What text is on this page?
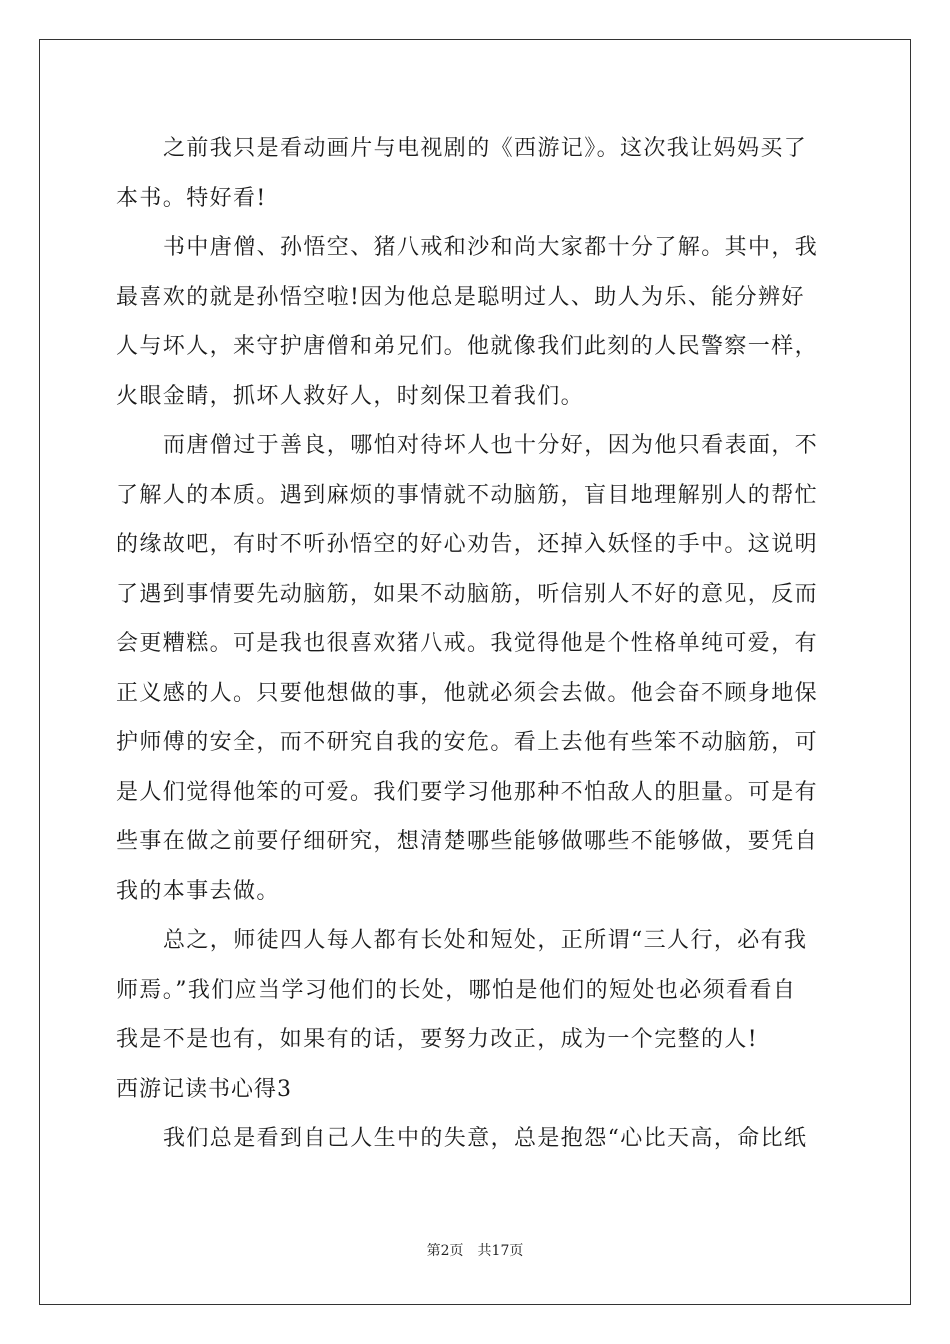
之前我只是看动画片与电视剧的《西游记》。这次我让妈妈买了
本书。特好看!
书中唐僧、孙悟空、猪八戒和沙和尚大家都十分了解。其中，我
最喜欢的就是孙悟空啦!因为他总是聪明过人、助人为乐、能分辨好
人与坏人，来守护唐僧和弟兄们。他就像我们此刻的人民警察一样，
火眼金睛，抓坏人救好人，时刻保卫着我们。
而唐僧过于善良，哪怕对待坏人也十分好，因为他只看表面，不
了解人的本质。遇到麻烦的事情就不动脑筋，盲目地理解别人的帮忙
的缘故吧，有时不听孙悟空的好心劝告，还掉入妖怪的手中。这说明
了遇到事情要先动脑筋，如果不动脑筋，听信别人不好的意见，反而
会更糟糕。可是我也很喜欢猪八戒。我觉得他是个性格单纯可爱，有
正义感的人。只要他想做的事，他就必须会去做。他会奋不顾身地保
护师傅的安全，而不研究自我的安危。看上去他有些笨不动脑筋，可
是人们觉得他笨的可爱。我们要学习他那种不怕敌人的胆量。可是有
些事在做之前要仔细研究，想清楚哪些能够做哪些不能够做，要凭自
我的本事去做。
总之，师徒四人每人都有长处和短处，正所谓“三人行，必有我
师焉。”我们应当学习他们的长处，哪怕是他们的短处也必须看看自
我是不是也有，如果有的话，要努力改正，成为一个完整的人!
西游记读书心得3
我们总是看到自己人生中的失意，总是抱怨“心比天高，命比纸
第2页 共17页
